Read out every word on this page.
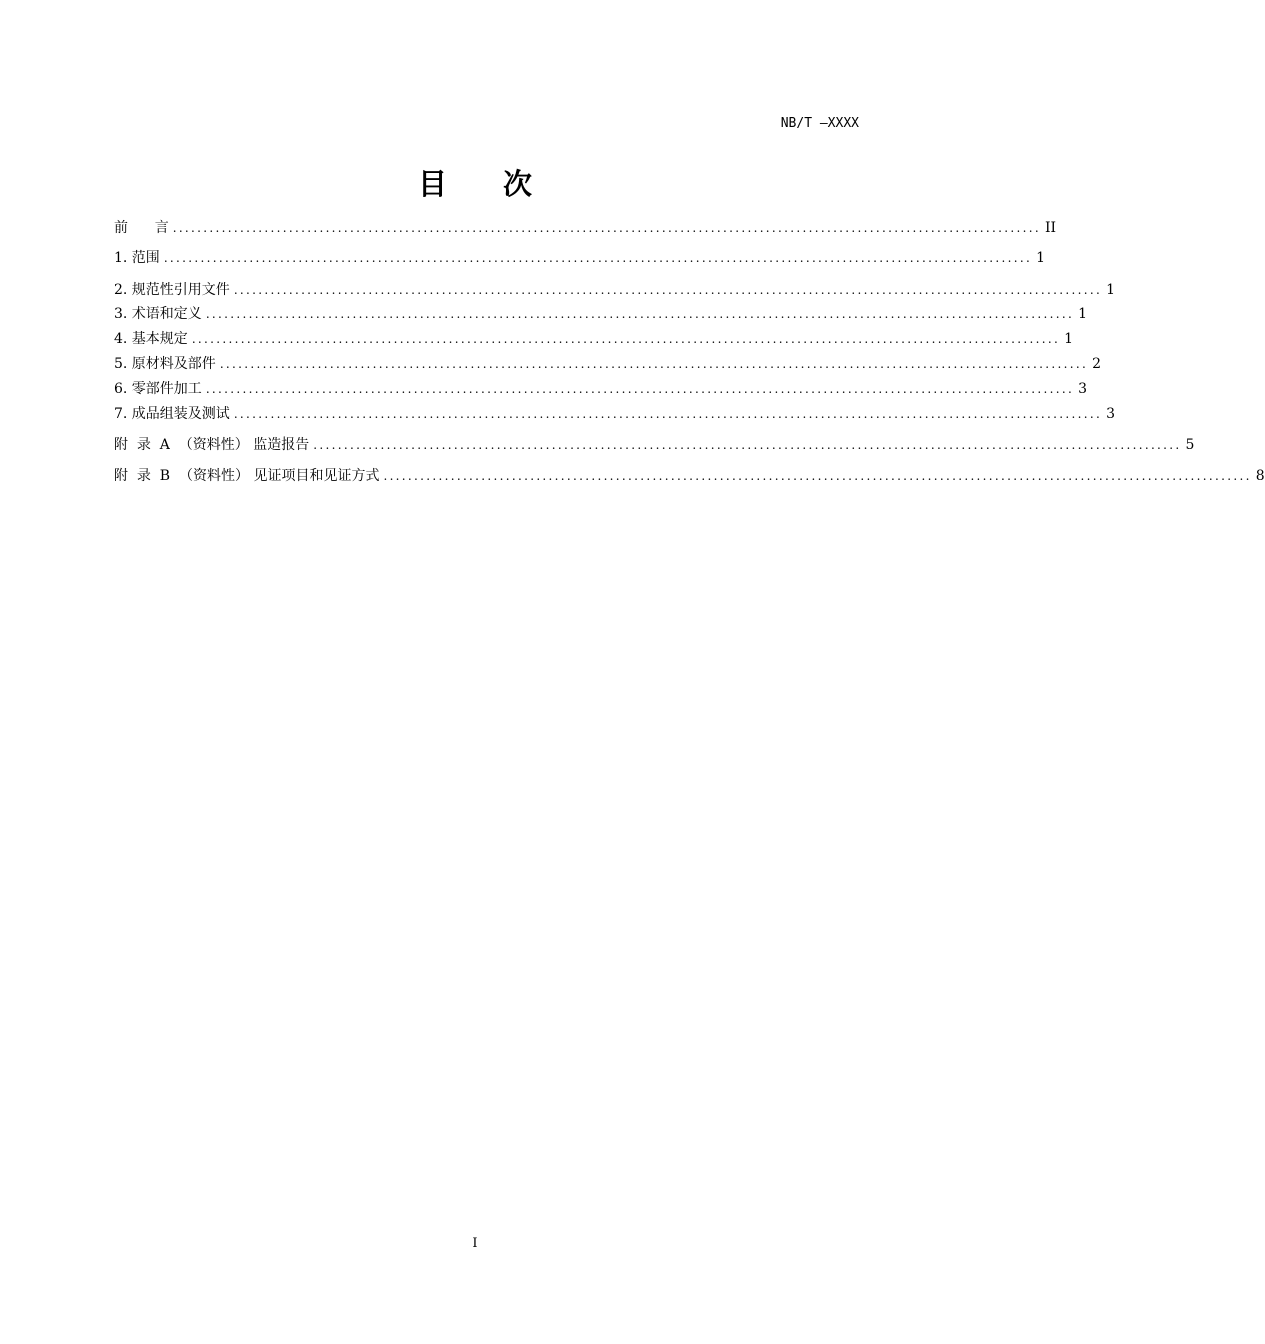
NB/T —XXXX
目 次
前      言 .............................................................................................................................................. II
1. 范围 .............................................................................................................................................. 1
2. 规范性引用文件 .............................................................................................................................................. 1
3. 术语和定义 .............................................................................................................................................. 1
4. 基本规定 .............................................................................................................................................. 1
5. 原材料及部件 .............................................................................................................................................. 2
6. 零部件加工 .............................................................................................................................................. 3
7. 成品组装及测试 .............................................................................................................................................. 3
附  录  A  （资料性） 监造报告 .............................................................................................................................................. 5
附  录  B  （资料性） 见证项目和见证方式 .............................................................................................................................................. 8
I
